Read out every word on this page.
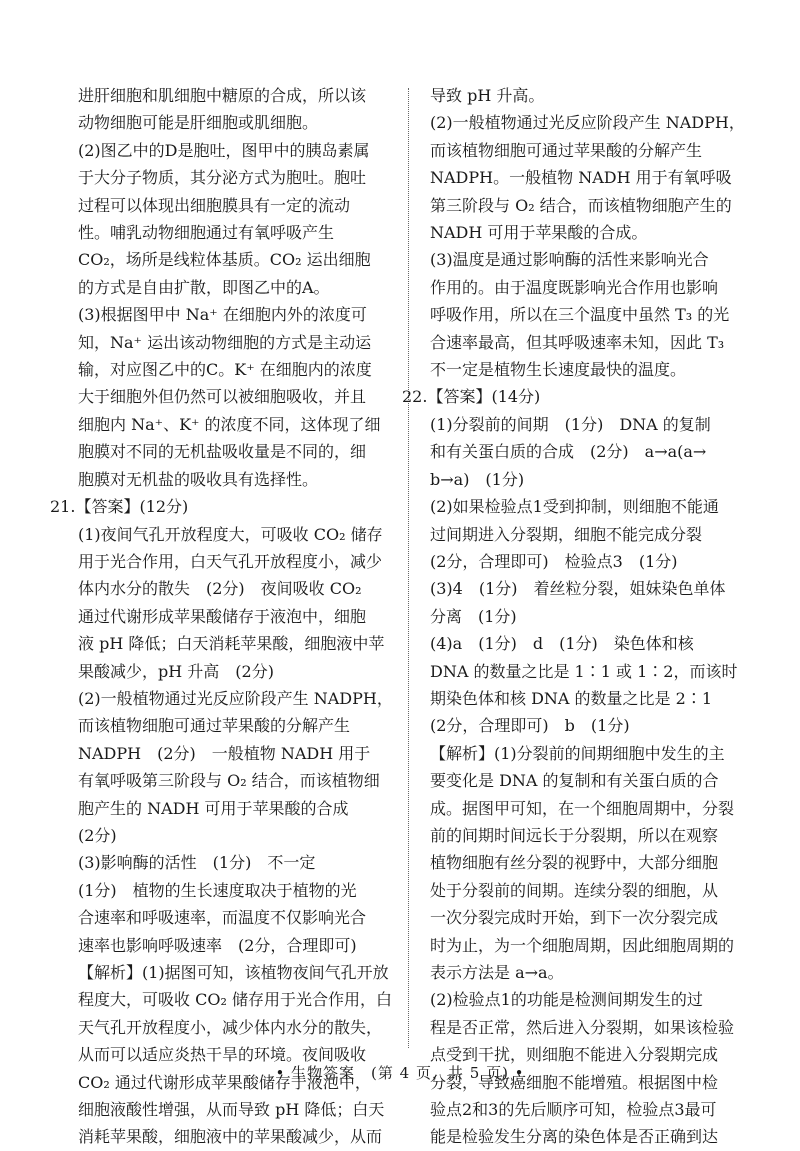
进肝细胞和肌细胞中糖原的合成，所以该
动物细胞可能是肝细胞或肌细胞。
(2)图乙中的D是胞吐，图甲中的胰岛素属
于大分子物质，其分泌方式为胞吐。胞吐
过程可以体现出细胞膜具有一定的流动
性。哺乳动物细胞通过有氧呼吸产生
CO₂，场所是线粒体基质。CO₂ 运出细胞
的方式是自由扩散，即图乙中的A。
(3)根据图甲中 Na⁺ 在细胞内外的浓度可
知，Na⁺ 运出该动物细胞的方式是主动运
输，对应图乙中的C。K⁺ 在细胞内的浓度
大于细胞外但仍然可以被细胞吸收，并且
细胞内 Na⁺、K⁺ 的浓度不同，这体现了细
胞膜对不同的无机盐吸收量是不同的，细
胞膜对无机盐的吸收具有选择性。
21.【答案】(12分)
(1)夜间气孔开放程度大，可吸收 CO₂ 储存
用于光合作用，白天气孔开放程度小，减少
体内水分的散失　(2分)　夜间吸收 CO₂
通过代谢形成苹果酸储存于液泡中，细胞
液 pH 降低；白天消耗苹果酸，细胞液中苹
果酸减少，pH 升高　(2分)
(2)一般植物通过光反应阶段产生 NADPH，
而该植物细胞可通过苹果酸的分解产生
NADPH　(2分)　一般植物 NADH 用于
有氧呼吸第三阶段与 O₂ 结合，而该植物细
胞产生的 NADH 可用于苹果酸的合成
(2分)
(3)影响酶的活性　(1分)　不一定
(1分)　植物的生长速度取决于植物的光
合速率和呼吸速率，而温度不仅影响光合
速率也影响呼吸速率　(2分，合理即可)
【解析】(1)据图可知，该植物夜间气孔开放
程度大，可吸收 CO₂ 储存用于光合作用，白
天气孔开放程度小，减少体内水分的散失，
从而可以适应炎热干旱的环境。夜间吸收
CO₂ 通过代谢形成苹果酸储存于液泡中，
细胞液酸性增强，从而导致 pH 降低；白天
消耗苹果酸，细胞液中的苹果酸减少，从而
导致 pH 升高。
(2)一般植物通过光反应阶段产生 NADPH，
而该植物细胞可通过苹果酸的分解产生
NADPH。一般植物 NADH 用于有氧呼吸
第三阶段与 O₂ 结合，而该植物细胞产生的
NADH 可用于苹果酸的合成。
(3)温度是通过影响酶的活性来影响光合
作用的。由于温度既影响光合作用也影响
呼吸作用，所以在三个温度中虽然 T₃ 的光
合速率最高，但其呼吸速率未知，因此 T₃
不一定是植物生长速度最快的温度。
22.【答案】(14分)
(1)分裂前的间期　(1分)　DNA 的复制
和有关蛋白质的合成　(2分)　a→a(a→
b→a)　(1分)
(2)如果检验点1受到抑制，则细胞不能通
过间期进入分裂期，细胞不能完成分裂
(2分，合理即可)　检验点3　(1分)
(3)4　(1分)　着丝粒分裂，姐妹染色单体
分离　(1分)
(4)a　(1分)　d　(1分)　染色体和核
DNA 的数量之比是 1∶1 或 1∶2，而该时
期染色体和核 DNA 的数量之比是 2∶1
(2分，合理即可)　b　(1分)
【解析】(1)分裂前的间期细胞中发生的主
要变化是 DNA 的复制和有关蛋白质的合
成。据图甲可知，在一个细胞周期中，分裂
前的间期时间远长于分裂期，所以在观察
植物细胞有丝分裂的视野中，大部分细胞
处于分裂前的间期。连续分裂的细胞，从
一次分裂完成时开始，到下一次分裂完成
时为止，为一个细胞周期，因此细胞周期的
表示方法是 a→a。
(2)检验点1的功能是检测间期发生的过
程是否正常，然后进入分裂期，如果该检验
点受到干扰，则细胞不能进入分裂期完成
分裂，导致癌细胞不能增殖。根据图中检
验点2和3的先后顺序可知，检验点3最可
能是检验发生分离的染色体是否正确到达
• 生物答案　(第 4 页，共 5 页) •
